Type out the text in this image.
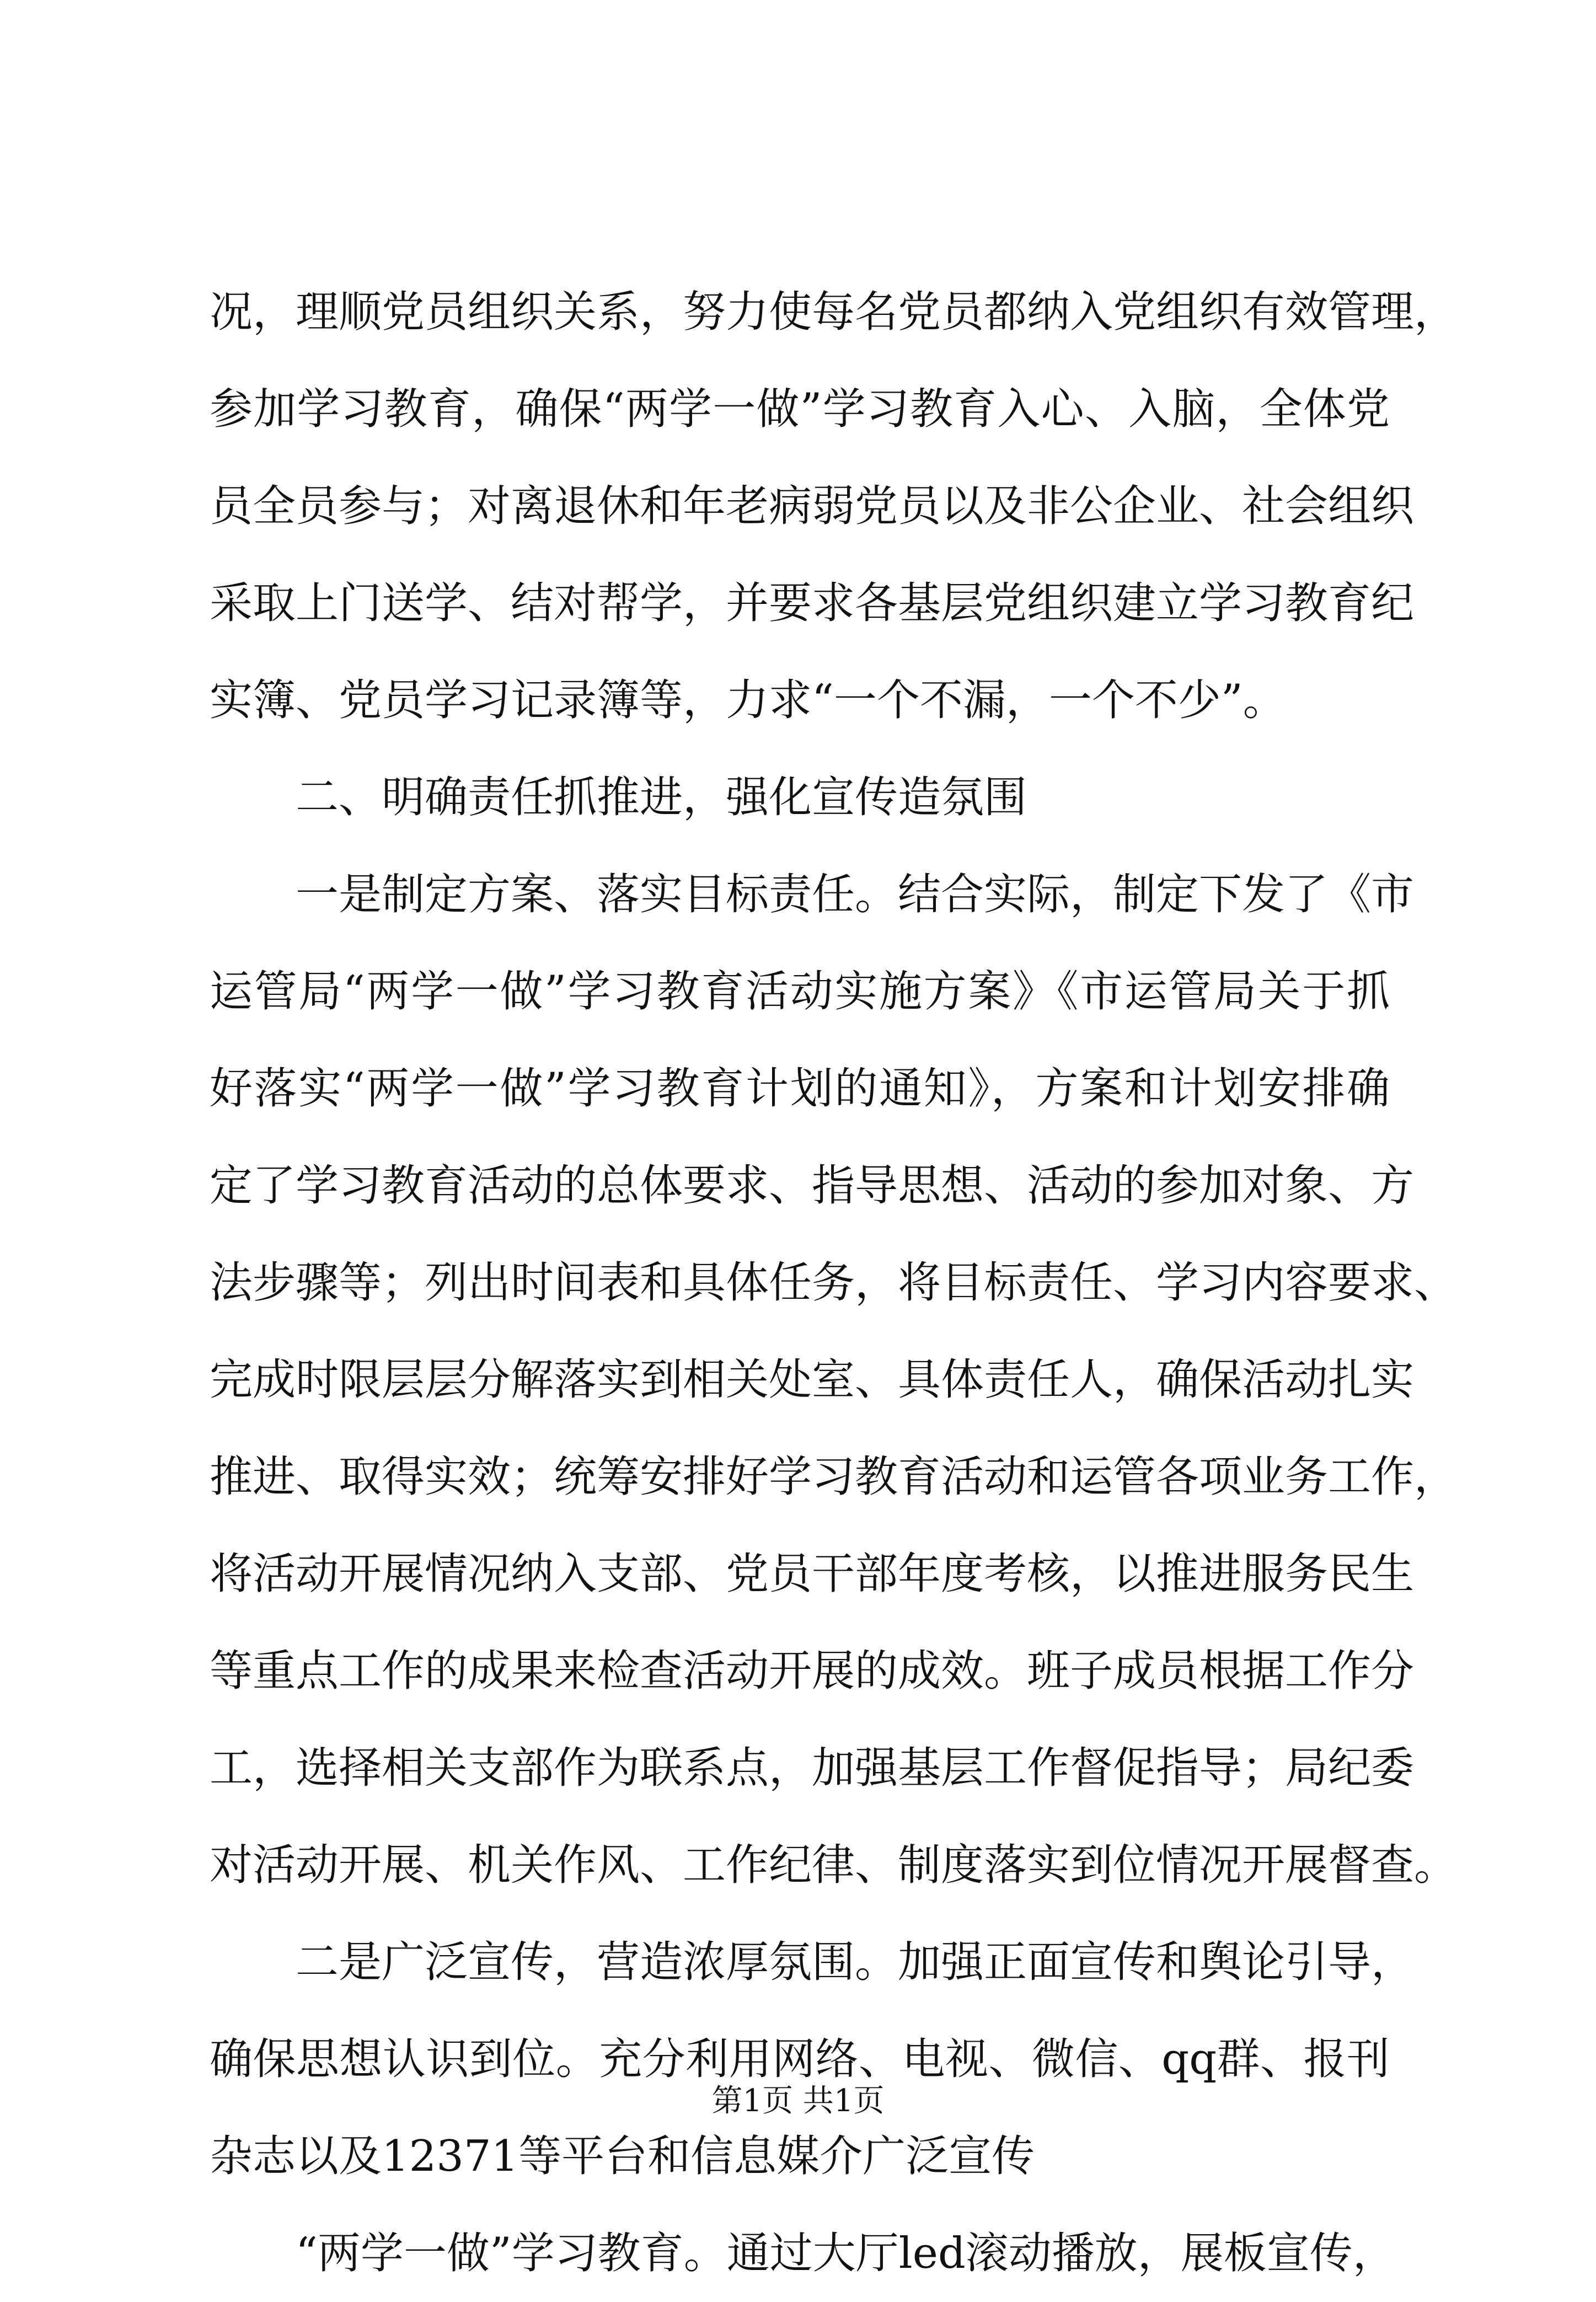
况，理顺党员组织关系，努力使每名党员都纳入党组织有效管理，
参加学习教育，确保“两学一做”学习教育入心、入脑，全体党
员全员参与；对离退休和年老病弱党员以及非公企业、社会组织
采取上门送学、结对帮学，并要求各基层党组织建立学习教育纪
实簿、党员学习记录簿等，力求“一个不漏，一个不少”。
二、明确责任抓推进，强化宣传造氛围
一是制定方案、落实目标责任。结合实际，制定下发了《市
运管局“两学一做”学习教育活动实施方案》《市运管局关于抓
好落实“两学一做”学习教育计划的通知》，方案和计划安排确
定了学习教育活动的总体要求、指导思想、活动的参加对象、方
法步骤等；列出时间表和具体任务，将目标责任、学习内容要求、
完成时限层层分解落实到相关处室、具体责任人，确保活动扎实
推进、取得实效；统筹安排好学习教育活动和运管各项业务工作，
将活动开展情况纳入支部、党员干部年度考核，以推进服务民生
等重点工作的成果来检查活动开展的成效。班子成员根据工作分
工，选择相关支部作为联系点，加强基层工作督促指导；局纪委
对活动开展、机关作风、工作纪律、制度落实到位情况开展督查。
二是广泛宣传，营造浓厚氛围。加强正面宣传和舆论引导，
确保思想认识到位。充分利用网络、电视、微信、qq群、报刊
杂志以及12371等平台和信息媒介广泛宣传
“两学一做”学习教育。通过大厅led滚动播放，展板宣传，
第1页 共1页
